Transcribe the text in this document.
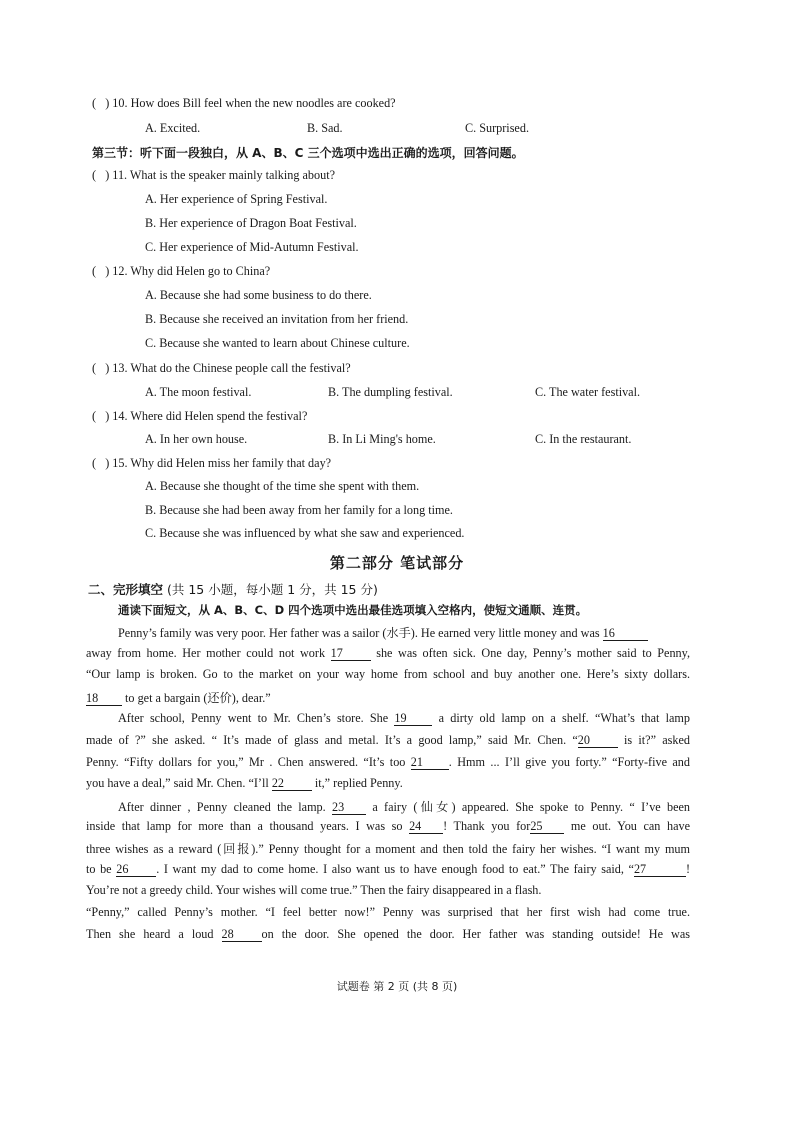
(   ) 10. How does Bill feel when the new noodles are cooked?
A. Excited.	B. Sad.	C. Surprised.
第三节：听下面一段独白，从 A、B、C 三个选项中选出正确的选项，回答问题。
(   ) 11. What is the speaker mainly talking about?
A. Her experience of Spring Festival.
B. Her experience of Dragon Boat Festival.
C. Her experience of Mid-Autumn Festival.
(   ) 12. Why did Helen go to China?
A. Because she had some business to do there.
B. Because she received an invitation from her friend.
C. Because she wanted to learn about Chinese culture.
(   ) 13. What do the Chinese people call the festival?
A. The moon festival.	B. The dumpling festival.	C. The water festival.
(   ) 14. Where did Helen spend the festival?
A. In her own house.	B. In Li Ming's home.	C. In the restaurant.
(   ) 15. Why did Helen miss her family that day?
A. Because she thought of the time she spent with them.
B. Because she had been away from her family for a long time.
C. Because she was influenced by what she saw and experienced.
第二部分 笔试部分
二、完形填空 (共 15 小题，每小题 1 分，共 15 分)
通读下面短文，从 A、B、C、D 四个选项中选出最佳选项填入空格内，使短文通顺、连贯。
Penny’s family was very poor. Her father was a sailor (水手). He earned very little money and was 16
away from home. Her mother could not work 17 she was often sick. One day, Penny’s mother said to Penny,
“Our lamp is broken. Go to the market on your way home from school and buy another one. Here’s sixty dollars.
18 to get a bargain (还价), dear.”
After school, Penny went to Mr. Chen’s store. She 19 a dirty old lamp on a shelf. “What’s that lamp
made of ?” she asked. “ It’s made of glass and metal. It’s a good lamp,” said Mr. Chen. “20 is it?” asked
Penny. “Fifty dollars for you,” Mr . Chen answered. “It’s too 21 . Hmm ... I’ll give you forty.” “Forty-five and
you have a deal,” said Mr. Chen. “I’ll 22 it,” replied Penny.
After dinner , Penny cleaned the lamp. 23 a fairy (仙女) appeared. She spoke to Penny. “ I’ve been
inside that lamp for more than a thousand years. I was so 24 ! Thank you for25 me out. You can have
three wishes as a reward (回报).” Penny thought for a moment and then told the fairy her wishes. “I want my mum
to be 26 . I want my dad to come home. I also want us to have enough food to eat.” The fairy said, “27	!
You’re not a greedy child. Your wishes will come true.” Then the fairy disappeared in a flash.
“Penny,” called Penny’s mother. “I feel better now!” Penny was surprised that her first wish had come true.
Then she heard a loud 28 on the door. She opened the door. Her father was standing outside! He was
试题卷 第 2 页 (共 8 页)
